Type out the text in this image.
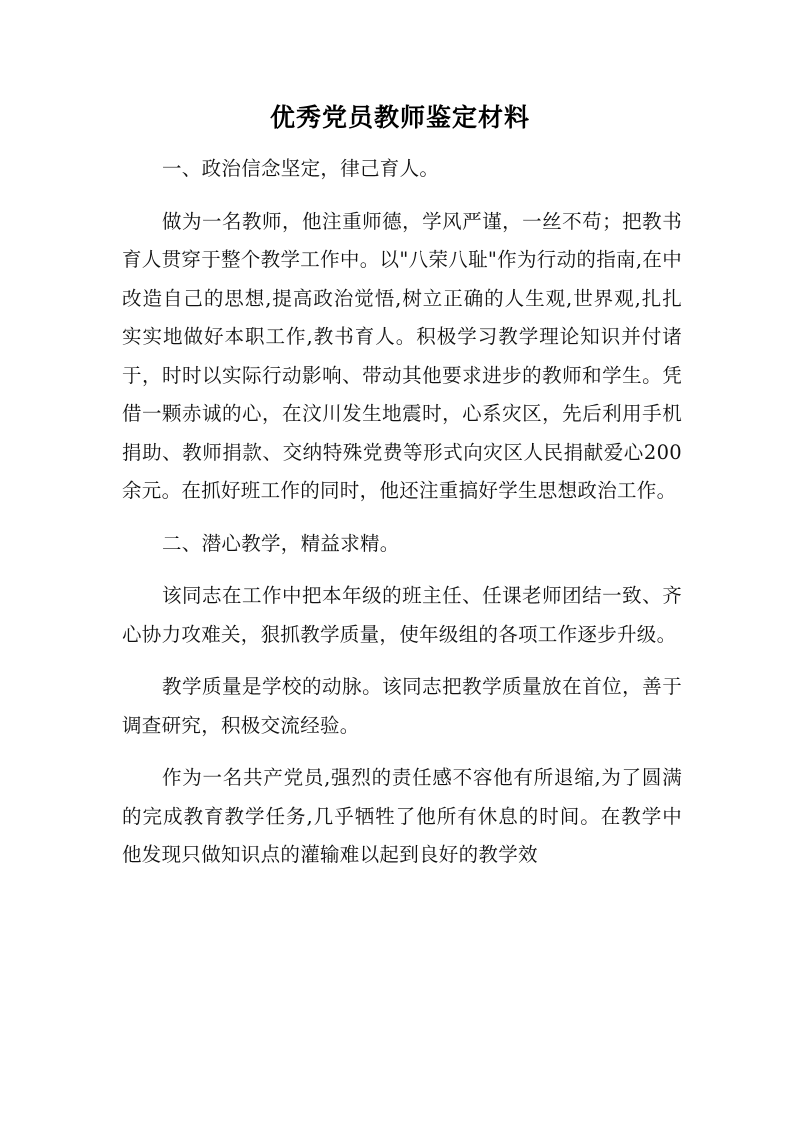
优秀党员教师鉴定材料

一、政治信念坚定，律己育人。

做为一名教师，他注重师德，学风严谨，一丝不苟；把教书育人贯穿于整个教学工作中。以"八荣八耻"作为行动的指南,在中改造自己的思想,提高政治觉悟,树立正确的人生观,世界观,扎扎实实地做好本职工作,教书育人。积极学习教学理论知识并付诸于，时时以实际行动影响、带动其他要求进步的教师和学生。凭借一颗赤诚的心，在汶川发生地震时，心系灾区，先后利用手机捐助、教师捐款、交纳特殊党费等形式向灾区人民捐献爱心200余元。在抓好班工作的同时，他还注重搞好学生思想政治工作。

二、潜心教学，精益求精。

该同志在工作中把本年级的班主任、任课老师团结一致、齐心协力攻难关，狠抓教学质量，使年级组的各项工作逐步升级。

教学质量是学校的动脉。该同志把教学质量放在首位，善于调查研究，积极交流经验。

作为一名共产党员,强烈的责任感不容他有所退缩,为了圆满的完成教育教学任务,几乎牺牲了他所有休息的时间。在教学中他发现只做知识点的灌输难以起到良好的教学效
